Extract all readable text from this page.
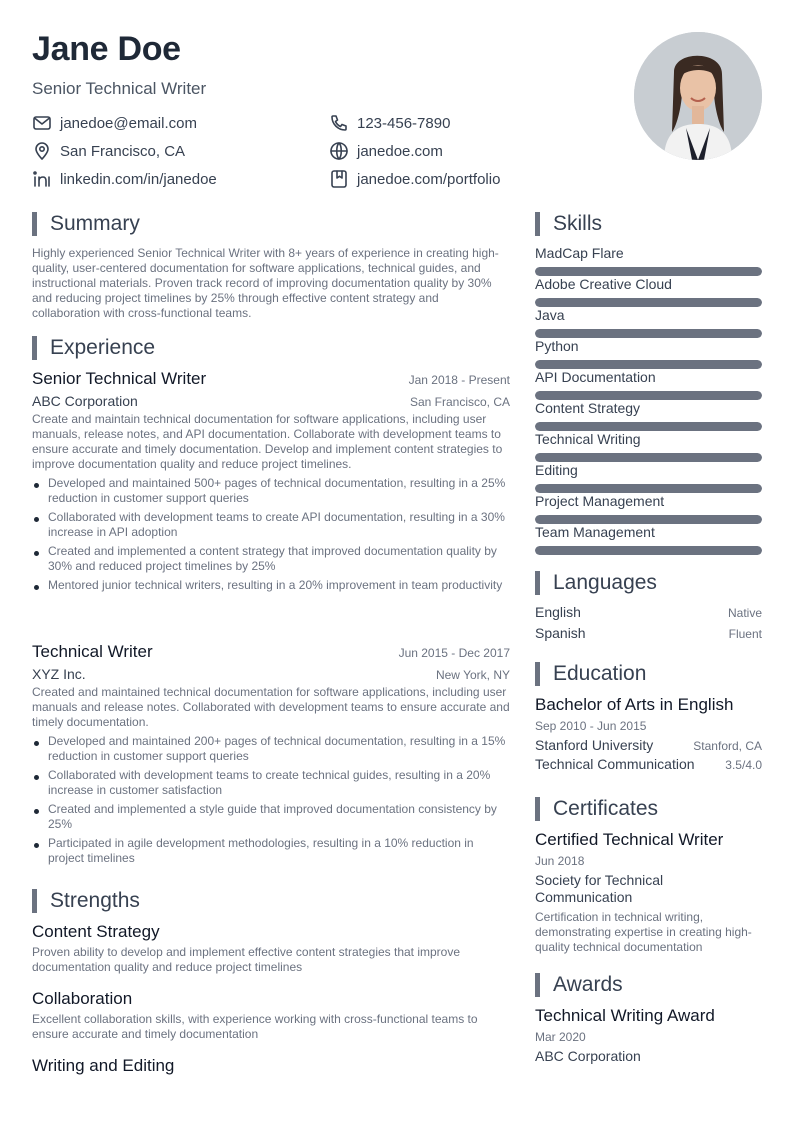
Jane Doe
Senior Technical Writer
janedoe@email.com	123-456-7890
San Francisco, CA	janedoe.com
linkedin.com/in/janedoe	janedoe.com/portfolio
Summary
Highly experienced Senior Technical Writer with 8+ years of experience in creating high-quality, user-centered documentation for software applications, technical guides, and instructional materials. Proven track record of improving documentation quality by 30% and reducing project timelines by 25% through effective content strategy and collaboration with cross-functional teams.
Experience
Senior Technical Writer	Jan 2018 - Present
ABC Corporation	San Francisco, CA
Create and maintain technical documentation for software applications, including user manuals, release notes, and API documentation. Collaborate with development teams to ensure accurate and timely documentation. Develop and implement content strategies to improve documentation quality and reduce project timelines.
Developed and maintained 500+ pages of technical documentation, resulting in a 25% reduction in customer support queries
Collaborated with development teams to create API documentation, resulting in a 30% increase in API adoption
Created and implemented a content strategy that improved documentation quality by 30% and reduced project timelines by 25%
Mentored junior technical writers, resulting in a 20% improvement in team productivity
Technical Writer	Jun 2015 - Dec 2017
XYZ Inc.	New York, NY
Created and maintained technical documentation for software applications, including user manuals and release notes. Collaborated with development teams to ensure accurate and timely documentation.
Developed and maintained 200+ pages of technical documentation, resulting in a 15% reduction in customer support queries
Collaborated with development teams to create technical guides, resulting in a 20% increase in customer satisfaction
Created and implemented a style guide that improved documentation consistency by 25%
Participated in agile development methodologies, resulting in a 10% reduction in project timelines
Strengths
Content Strategy
Proven ability to develop and implement effective content strategies that improve documentation quality and reduce project timelines
Collaboration
Excellent collaboration skills, with experience working with cross-functional teams to ensure accurate and timely documentation
Writing and Editing
Skills
MadCap Flare
Adobe Creative Cloud
Java
Python
API Documentation
Content Strategy
Technical Writing
Editing
Project Management
Team Management
Languages
English	Native
Spanish	Fluent
Education
Bachelor of Arts in English
Sep 2010 - Jun 2015
Stanford University	Stanford, CA
Technical Communication	3.5/4.0
Certificates
Certified Technical Writer
Jun 2018
Society for Technical Communication
Certification in technical writing, demonstrating expertise in creating high-quality technical documentation
Awards
Technical Writing Award
Mar 2020
ABC Corporation
